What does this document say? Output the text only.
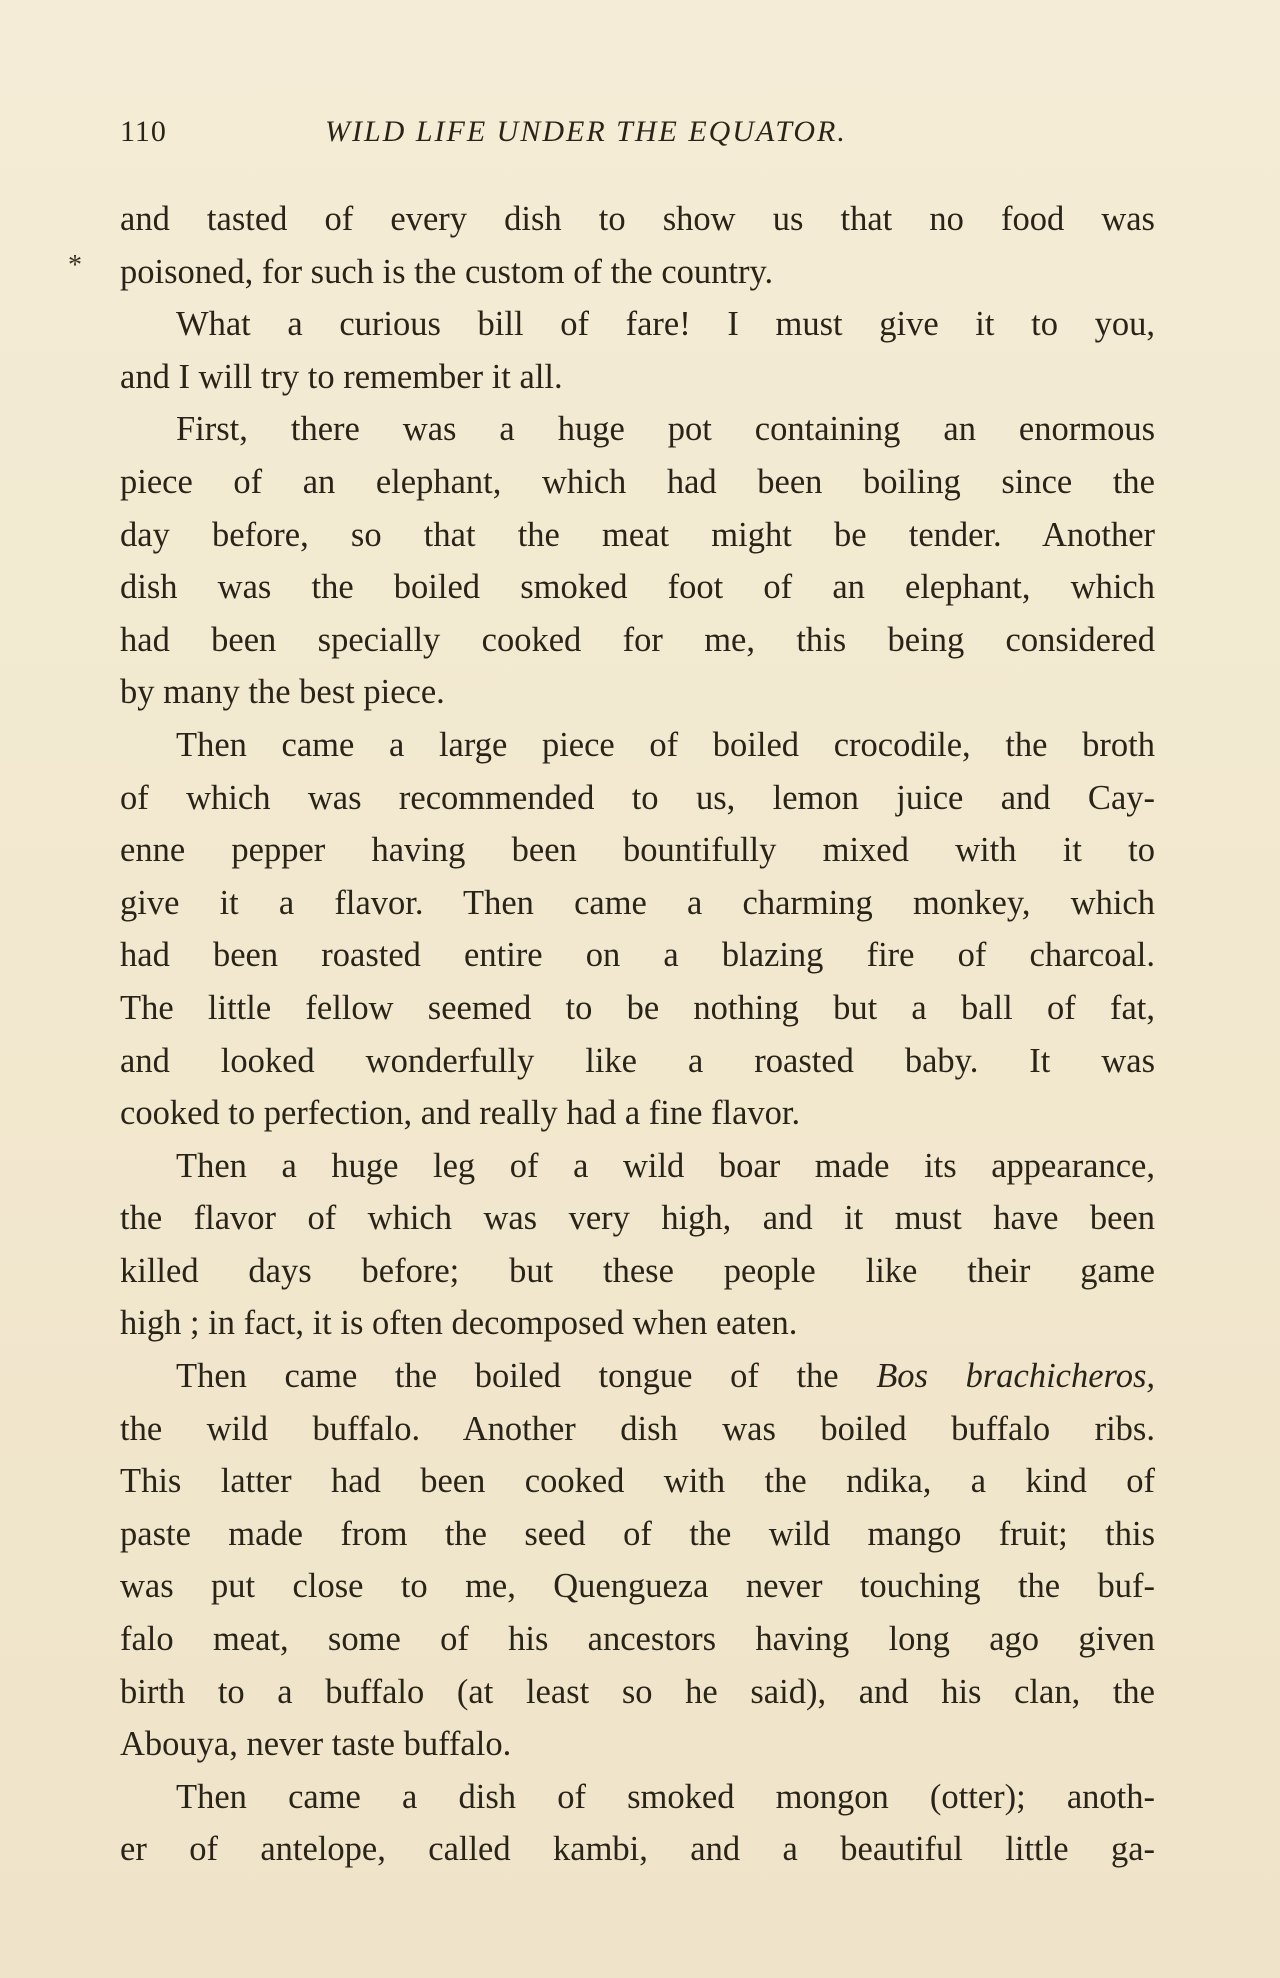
110	WILD LIFE UNDER THE EQUATOR.
*
and tasted of every dish to show us that no food was
poisoned, for such is the custom of the country.
What a curious bill of fare! I must give it to you,
and I will try to remember it all.
First, there was a huge pot containing an enormous
piece of an elephant, which had been boiling since the
day before, so that the meat might be tender. Another
dish was the boiled smoked foot of an elephant, which
had been specially cooked for me, this being considered
by many the best piece.
Then came a large piece of boiled crocodile, the broth
of which was recommended to us, lemon juice and Cay-
enne pepper having been bountifully mixed with it to
give it a flavor. Then came a charming monkey, which
had been roasted entire on a blazing fire of charcoal.
The little fellow seemed to be nothing but a ball of fat,
and looked wonderfully like a roasted baby. It was
cooked to perfection, and really had a fine flavor.
Then a huge leg of a wild boar made its appearance,
the flavor of which was very high, and it must have been
killed days before; but these people like their game
high ; in fact, it is often decomposed when eaten.
Then came the boiled tongue of the Bos brachicheros,
the wild buffalo. Another dish was boiled buffalo ribs.
This latter had been cooked with the ndika, a kind of
paste made from the seed of the wild mango fruit; this
was put close to me, Quengueza never touching the buf-
falo meat, some of his ancestors having long ago given
birth to a buffalo (at least so he said), and his clan, the
Abouya, never taste buffalo.
Then came a dish of smoked mongon (otter); anoth-
er of antelope, called kambi, and a beautiful little ga-
